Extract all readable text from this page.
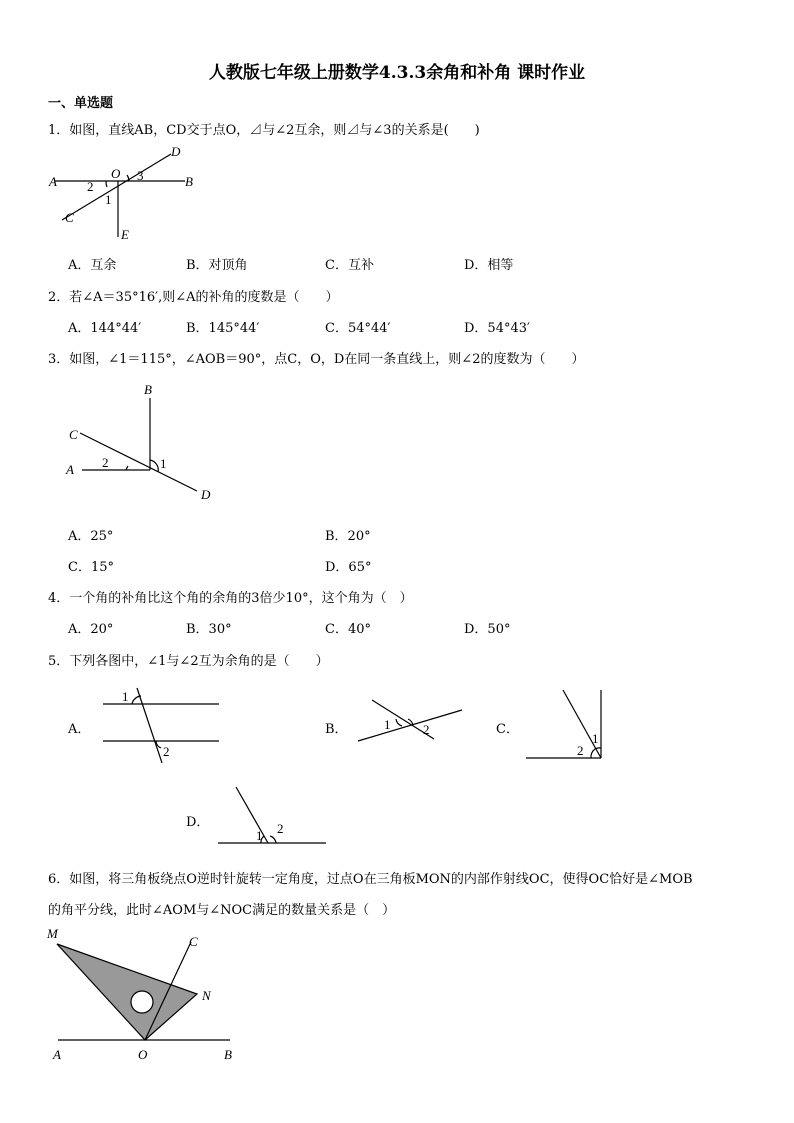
人教版七年级上册数学4.3.3余角和补角 课时作业
一、单选题
1．如图，直线AB，CD交于点O，⊿与∠2互余，则⊿与∠3的关系是(　　)
A	B
C
D
E
O
1
2
3
A．互余	B．对顶角	C．互补	D．相等
2．若∠A＝35°16′,则∠A的补角的度数是（　　）
A．144°44′	B．145°44′	C．54°44′	D．54°43′
3．如图，∠1＝115°，∠AOB＝90°，点C，O，D在同一条直线上，则∠2的度数为（　　）
B
C
A
D
2	1
A．25°	B．20°
C．15°	D．65°
4．一个角的补角比这个角的余角的3倍少10°，这个角为（　）
A．20°	B．30°	C．40°	D．50°
5．下列各图中，∠1与∠2互为余角的是（　　）
A．
1
2
B．	1	2	C．
1
2
D．
1 2
6．如图，将三角板绕点O逆时针旋转一定角度，过点O在三角板MON的内部作射线OC，使得OC恰好是∠MOB
的角平分线，此时∠AOM与∠NOC满足的数量关系是（　）
M
N
C
A	O	B
